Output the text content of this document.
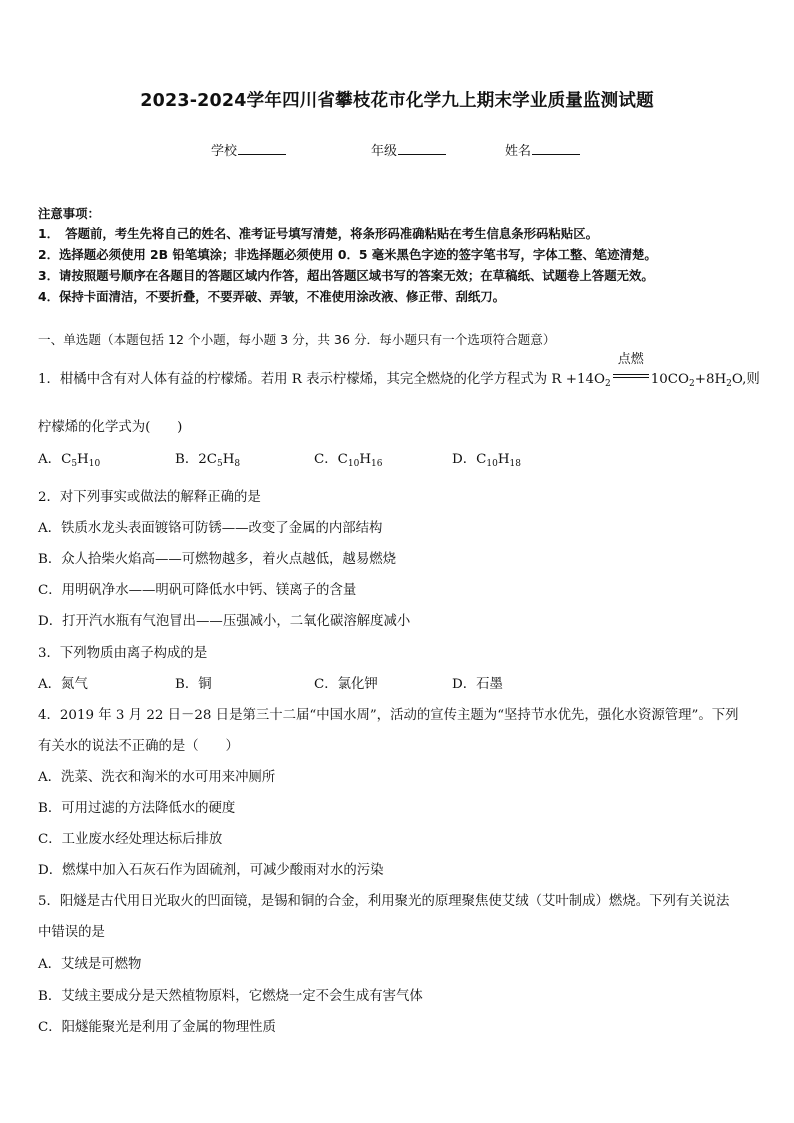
2023-2024学年四川省攀枝花市化学九上期末学业质量监测试题
学校	年级	姓名
注意事项：
1．　答题前，考生先将自己的姓名、准考证号填写清楚，将条形码准确粘贴在考生信息条形码粘贴区。
2．选择题必须使用 2B 铅笔填涂；非选择题必须使用 0．5 毫米黑色字迹的签字笔书写，字体工整、笔迹清楚。
3．请按照题号顺序在各题目的答题区域内作答，超出答题区域书写的答案无效；在草稿纸、试题卷上答题无效。
4．保持卡面清洁，不要折叠，不要弄破、弄皱，不准使用涂改液、修正带、刮纸刀。
一、单选题（本题包括 12 个小题，每小题 3 分，共 36 分．每小题只有一个选项符合题意）
1．柑橘中含有对人体有益的柠檬烯。若用 R 表示柠檬烯，其完全燃烧的化学方程式为 $R +14O_2$
点燃
$10CO_2+8H_2O$,则
柠檬烯的化学式为(　　)
A．$C_5H_{10}$	B．$2C_5H_8$	C．$C_{10}H_{16}$	D．$C_{10}H_{18}$
2．对下列事实或做法的解释正确的是
A．铁质水龙头表面镀铬可防锈——改变了金属的内部结构
B．众人拾柴火焰高——可燃物越多，着火点越低，越易燃烧
C．用明矾净水——明矾可降低水中钙、镁离子的含量
D．打开汽水瓶有气泡冒出——压强减小，二氧化碳溶解度减小
3．下列物质由离子构成的是
A．氮气	B．铜	C．氯化钾	D．石墨
4．2019 年 3 月 22 日－28 日是第三十二届“中国水周”，活动的宣传主题为“坚持节水优先，强化水资源管理”。下列
有关水的说法不正确的是（　　）
A．洗菜、洗衣和淘米的水可用来冲厕所
B．可用过滤的方法降低水的硬度
C．工业废水经处理达标后排放
D．燃煤中加入石灰石作为固硫剂，可减少酸雨对水的污染
5．阳燧是古代用日光取火的凹面镜，是锡和铜的合金，利用聚光的原理聚焦使艾绒（艾叶制成）燃烧。下列有关说法
中错误的是
A．艾绒是可燃物
B．艾绒主要成分是天然植物原料，它燃烧一定不会生成有害气体
C．阳燧能聚光是利用了金属的物理性质
